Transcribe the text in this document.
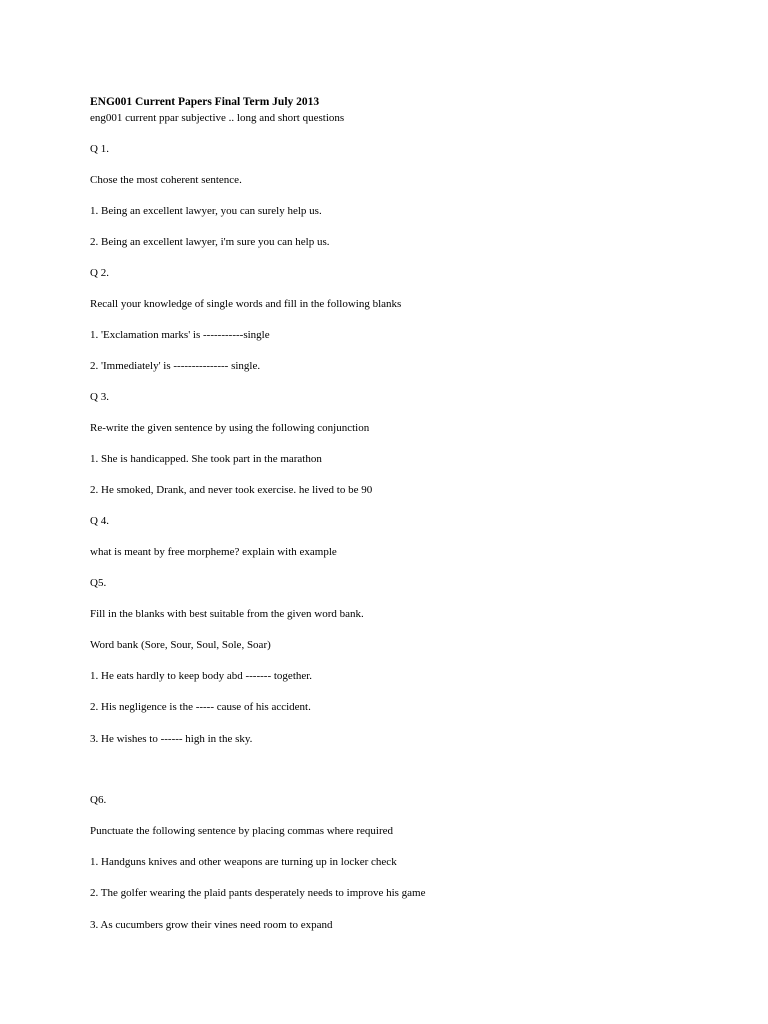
ENG001 Current Papers Final Term July 2013
eng001 current ppar subjective .. long and short questions
Q 1.
Chose the most coherent sentence.
1. Being an excellent lawyer, you can surely help us.
2. Being an excellent lawyer, i'm sure you can help us.
Q 2.
Recall your knowledge of single words and fill in the following blanks
1. 'Exclamation marks' is -----------single
2. 'Immediately' is --------------- single.
Q 3.
Re-write the given sentence by using the following conjunction
1. She is handicapped. She took part in the marathon
2. He smoked, Drank, and never took exercise. he lived to be 90
Q 4.
what is meant by free morpheme? explain with example
Q5.
Fill in the blanks with best suitable from the given word bank.
Word bank (Sore, Sour, Soul, Sole, Soar)
1. He eats hardly to keep body abd ------- together.
2. His negligence is the ----- cause of his accident.
3. He wishes to ------ high in the sky.
Q6.
Punctuate the following sentence by placing commas where required
1. Handguns knives and other weapons are turning up in locker check
2. The golfer wearing the plaid pants desperately needs to improve his game
3. As cucumbers grow their vines need room to expand
